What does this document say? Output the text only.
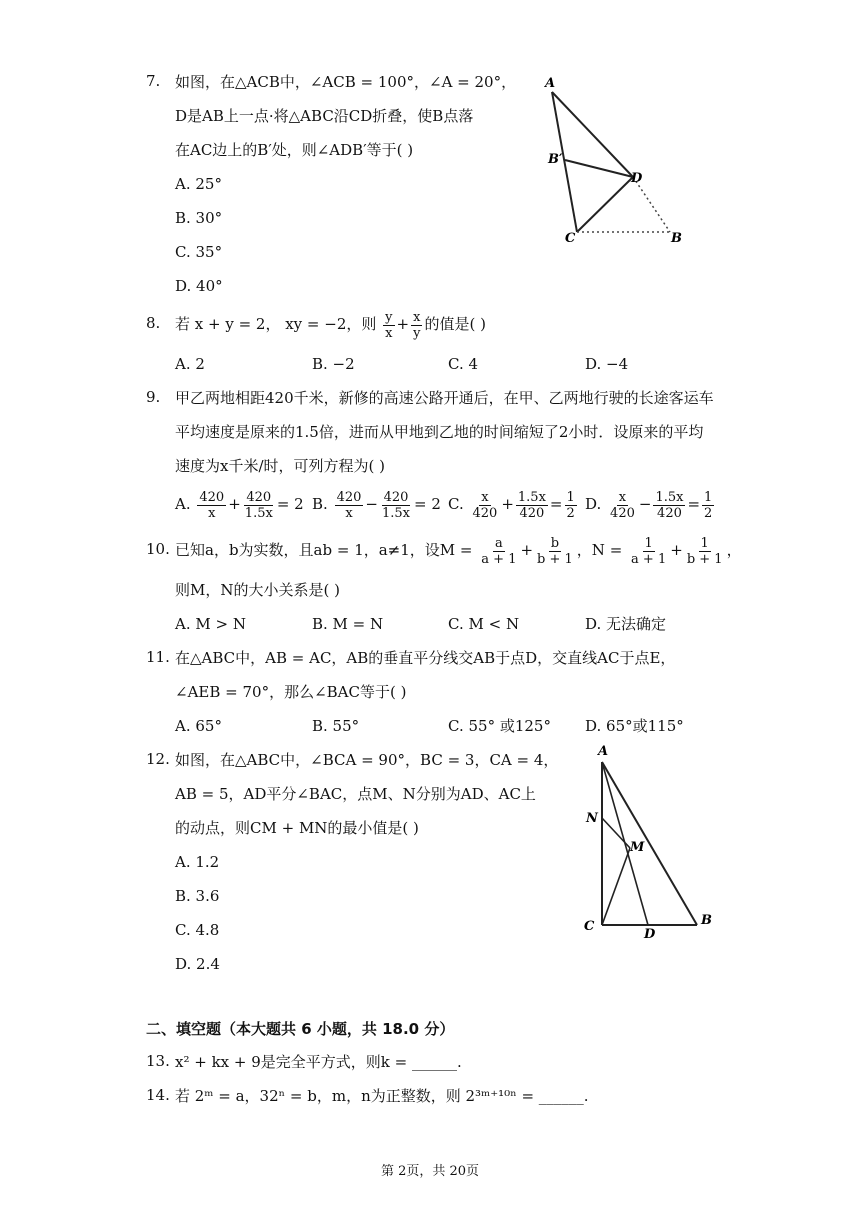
7. 如图，在△ACB中，∠ACB = 100°，∠A = 20°，
D是AB上一点·将△ABC沿CD折叠，使B点落
在AC边上的B′处，则∠ADB′等于( )
A. 25°
B. 30°
C. 35°
D. 40°
A
B′
D
C	B
8. 若 x + y = 2， xy = −2，则 $\frac{y}{x} + \frac{x}{y}$ 的值是( )
A. 2	B. −2	C. 4	D. −4
9. 甲乙两地相距420千米，新修的高速公路开通后，在甲、乙两地行驶的长途客运车
平均速度是原来的1.5倍，进而从甲地到乙地的时间缩短了2小时．设原来的平均
速度为x千米/时，可列方程为( )
A. $\frac{420}{x} + \frac{420}{1.5x} = 2$ B. $\frac{420}{x} - \frac{420}{1.5x} = 2$ C. $\frac{x}{420} + \frac{1.5x}{420} = \frac{1}{2} D$. $\frac{x}{420} - \frac{1.5x}{420} = \frac{1}{2}$
10. 已知a，b为实数，且ab = 1，a≠1，设$M = \frac{a}{a + 1} + \frac{b}{b + 1}$ ，$N = \frac{1}{a + 1} + \frac{1}{b + 1}$ ，
则M，N的大小关系是( )
A. M > N	B. M = N	C. M < N	D. 无法确定
11. 在△ABC中，AB = AC，AB的垂直平分线交AB于点D，交直线AC于点E，
∠AEB = 70°，那么∠BAC等于( )
A. 65°	B. 55°	C. 55° 或125° D. 65°或115°
12. 如图，在△ABC中，∠BCA = 90°，BC = 3，CA = 4，
AB = 5，AD平分∠BAC，点M、N分别为AD、AC上
的动点，则CM + MN的最小值是( )
A. 1.2
B. 3.6
C. 4.8
D. 2.4
A
N
M
C
D
B
二、填空题（本大题共 6 小题，共 18.0 分）
13. x² + kx + 9是完全平方式，则k = ______.
14. 若 2ᵐ = a，32ⁿ = b，m，n为正整数，则 2³ᵐ⁺¹⁰ⁿ = ______.
第 2页，共 20页
